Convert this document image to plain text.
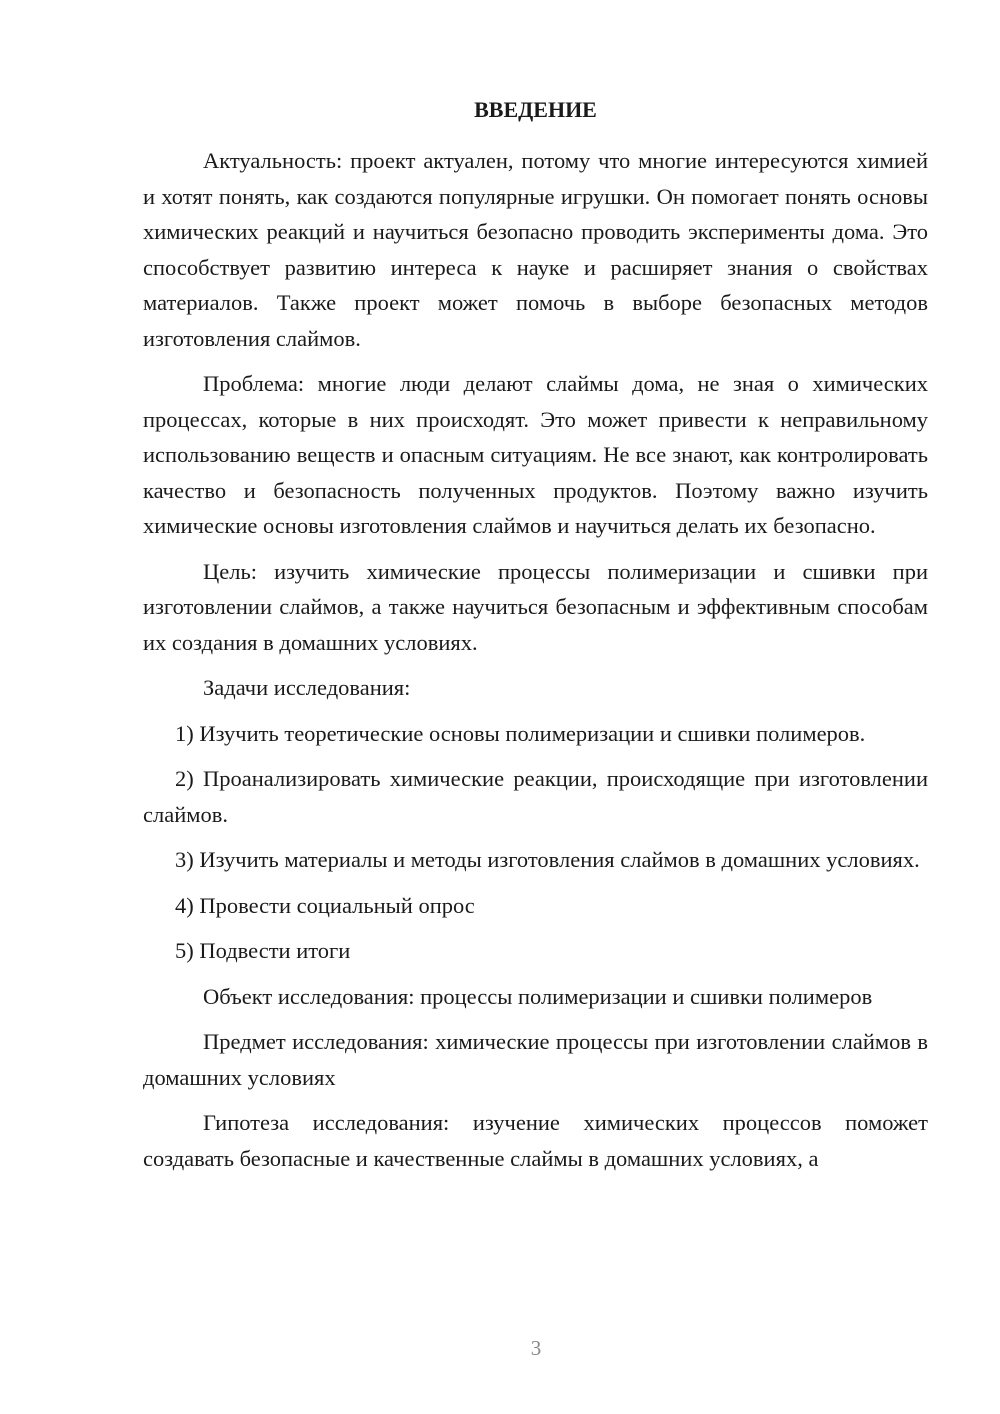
ВВЕДЕНИЕ

Актуальность: проект актуален, потому что многие интересуются химией и хотят понять, как создаются популярные игрушки. Он помогает понять основы химических реакций и научиться безопасно проводить эксперименты дома. Это способствует развитию интереса к науке и расширяет знания о свойствах материалов. Также проект может помочь в выборе безопасных методов изготовления слаймов.

Проблема: многие люди делают слаймы дома, не зная о химических процессах, которые в них происходят. Это может привести к неправильному использованию веществ и опасным ситуациям. Не все знают, как контролировать качество и безопасность полученных продуктов. Поэтому важно изучить химические основы изготовления слаймов и научиться делать их безопасно.

Цель: изучить химические процессы полимеризации и сшивки при изготовлении слаймов, а также научиться безопасным и эффективным способам их создания в домашних условиях.

Задачи исследования:

1) Изучить теоретические основы полимеризации и сшивки полимеров.

2) Проанализировать химические реакции, происходящие при изготовлении слаймов.

3) Изучить материалы и методы изготовления слаймов в домашних условиях.

4) Провести социальный опрос

5) Подвести итоги

Объект исследования: процессы полимеризации и сшивки полимеров

Предмет исследования: химические процессы при изготовлении слаймов в домашних условиях

Гипотеза исследования: изучение химических процессов поможет создавать безопасные и качественные слаймы в домашних условиях, а

3
